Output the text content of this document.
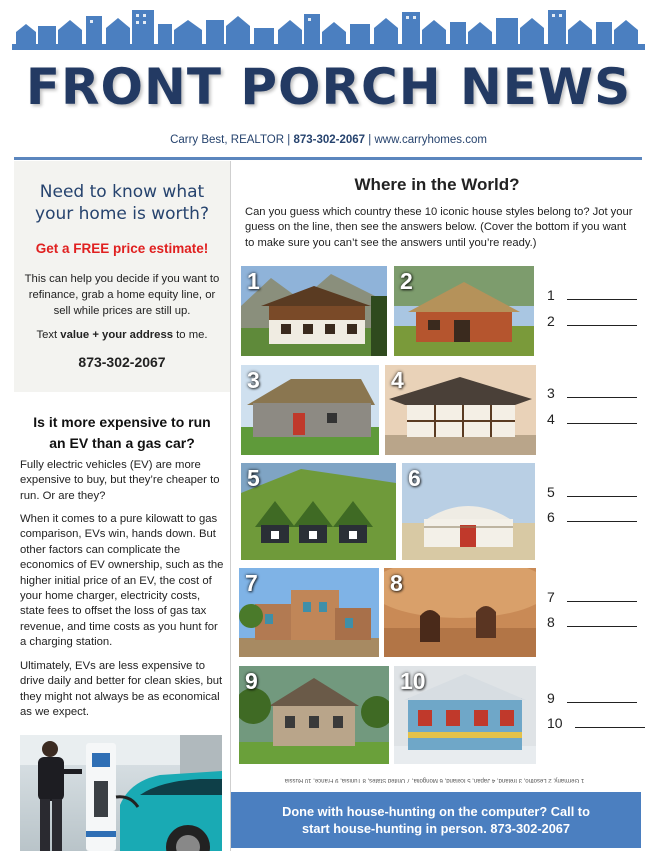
FRONT PORCH NEWS
Carry Best, REALTOR | 873-302-2067 | www.carryhomes.com
Need to know what
your home is worth?
Get a FREE price estimate!
This can help you decide if you want to refinance, grab a home equity line, or sell while prices are still up.
Text value + your address to me.
873-302-2067
Is it more expensive to run
an EV than a gas car?
Fully electric vehicles (EV) are more expensive to buy, but they’re cheaper to run. Or are they?
When it comes to a pure kilowatt to gas comparison, EVs win, hands down. But other factors can complicate the economics of EV ownership, such as the higher initial price of an EV, the cost of your home charger, electricity costs, state fees to offset the loss of gas tax revenue, and time costs as you hunt for a charging station.
Ultimately, EVs are less expensive to drive daily and better for clean skies, but they might not always be as economical as we expect.
Where in the World?
Can you guess which country these 10 iconic house styles belong to? Jot your guess on the line, then see the answers below. (Cover the bottom if you want to make sure you can’t see the answers until you’re ready.)
1	2
3	4
5	6
7	8
9	10
1
2
3
4
5
6
7
8
9
10
1 Germany, 2 Lesotho, 3 Ireland, 4 Japan, 5 Iceland, 6 Mongolia, 7 United States, 8 Tunisia, 9 France, 10 Russia
Done with house-hunting on the computer? Call to
start house-hunting in person. 873-302-2067
